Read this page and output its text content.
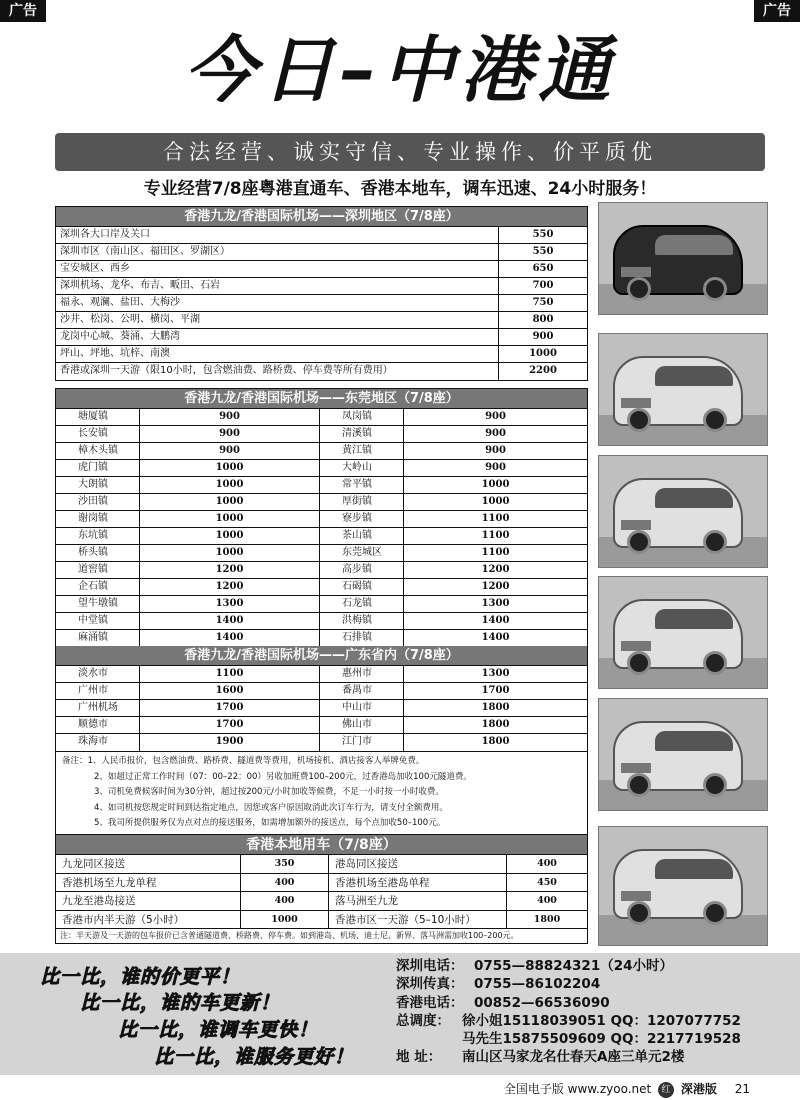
广告	广告
今日–中港通
合法经营、诚实守信、专业操作、价平质优
专业经营7/8座粤港直通车、香港本地车，调车迅速、24小时服务！
香港九龙/香港国际机场——深圳地区（7/8座）
深圳各大口岸及关口	550
深圳市区（南山区、福田区、罗湖区）	550
宝安城区、西乡	650
深圳机场、龙华、布吉、畈田、石岩	700
福永、观澜、盐田、大梅沙	750
沙井、松岗、公明、横岗、平湖	800
龙岗中心城、葵涌、大鹏湾	900
坪山、坪地、坑梓、南澳	1000
香港或深圳一天游（限10小时，包含燃油费、路桥费、停车费等所有费用）	2200
香港九龙/香港国际机场——东莞地区（7/8座）
塘厦镇	900	凤岗镇	900
长安镇	900	清溪镇	900
樟木头镇	900	黄江镇	900
虎门镇	1000	大岭山	900
大朗镇	1000	常平镇	1000
沙田镇	1000	厚街镇	1000
谢岗镇	1000	寮步镇	1100
东坑镇	1000	茶山镇	1100
桥头镇	1000	东莞城区	1100
道窖镇	1200	高步镇	1200
企石镇	1200	石碣镇	1200
望牛墩镇	1300	石龙镇	1300
中堂镇	1400	洪梅镇	1400
麻涌镇	1400	石排镇	1400
香港九龙/香港国际机场——广东省内（7/8座）
淡水市	1100	惠州市	1300
广州市	1600	番禺市	1700
广州机场	1700	中山市	1800
顺德市	1700	佛山市	1800
珠海市	1900	江门市	1800
备注：1、人民币报价，包含燃油费、路桥费、隧道费等费用，机场接机、酒店接客人举牌免费。
2、如超过正常工作时间（07：00–22：00）另收加班费100–200元，过香港岛加收100元隧道费。
3、司机免费候客时间为30分钟，超过按200元/小时加收等候费，不足一小时按一小时收费。
4、如司机按您规定时间到达指定地点，因您或客户原因取消此次订车行为，请支付全额费用。
5、我司所提供服务仅为点对点的接送服务，如需增加额外的接送点，每个点加收50–100元。
香港本地用车（7/8座）
九龙同区接送	350	港岛同区接送	400
香港机场至九龙单程	400	香港机场至港岛单程	450
九龙至港岛接送	400	落马洲至九龙	400
香港市内半天游（5小时）	1000	香港市区一天游（5–10小时）	1800
注：半天游及一天游的包车报价已含普通隧道费、桥路费、停车费。如到港岛、机场、迪士尼、新界、落马洲需加收100–200元。
比一比，谁的价更平！
比一比，谁的车更新！
比一比，谁调车更快！
比一比，谁服务更好！
深圳电话： 0755—88824321（24小时）
深圳传真： 0755—86102204
香港电话： 00852—66536090
总调度： 徐小姐15118039051 QQ：1207077752
马先生15875509609 QQ：2217719528
地 址： 南山区马家龙名仕春天A座三单元2楼
全国电子版 www.zyoo.net 红 深港版 21
